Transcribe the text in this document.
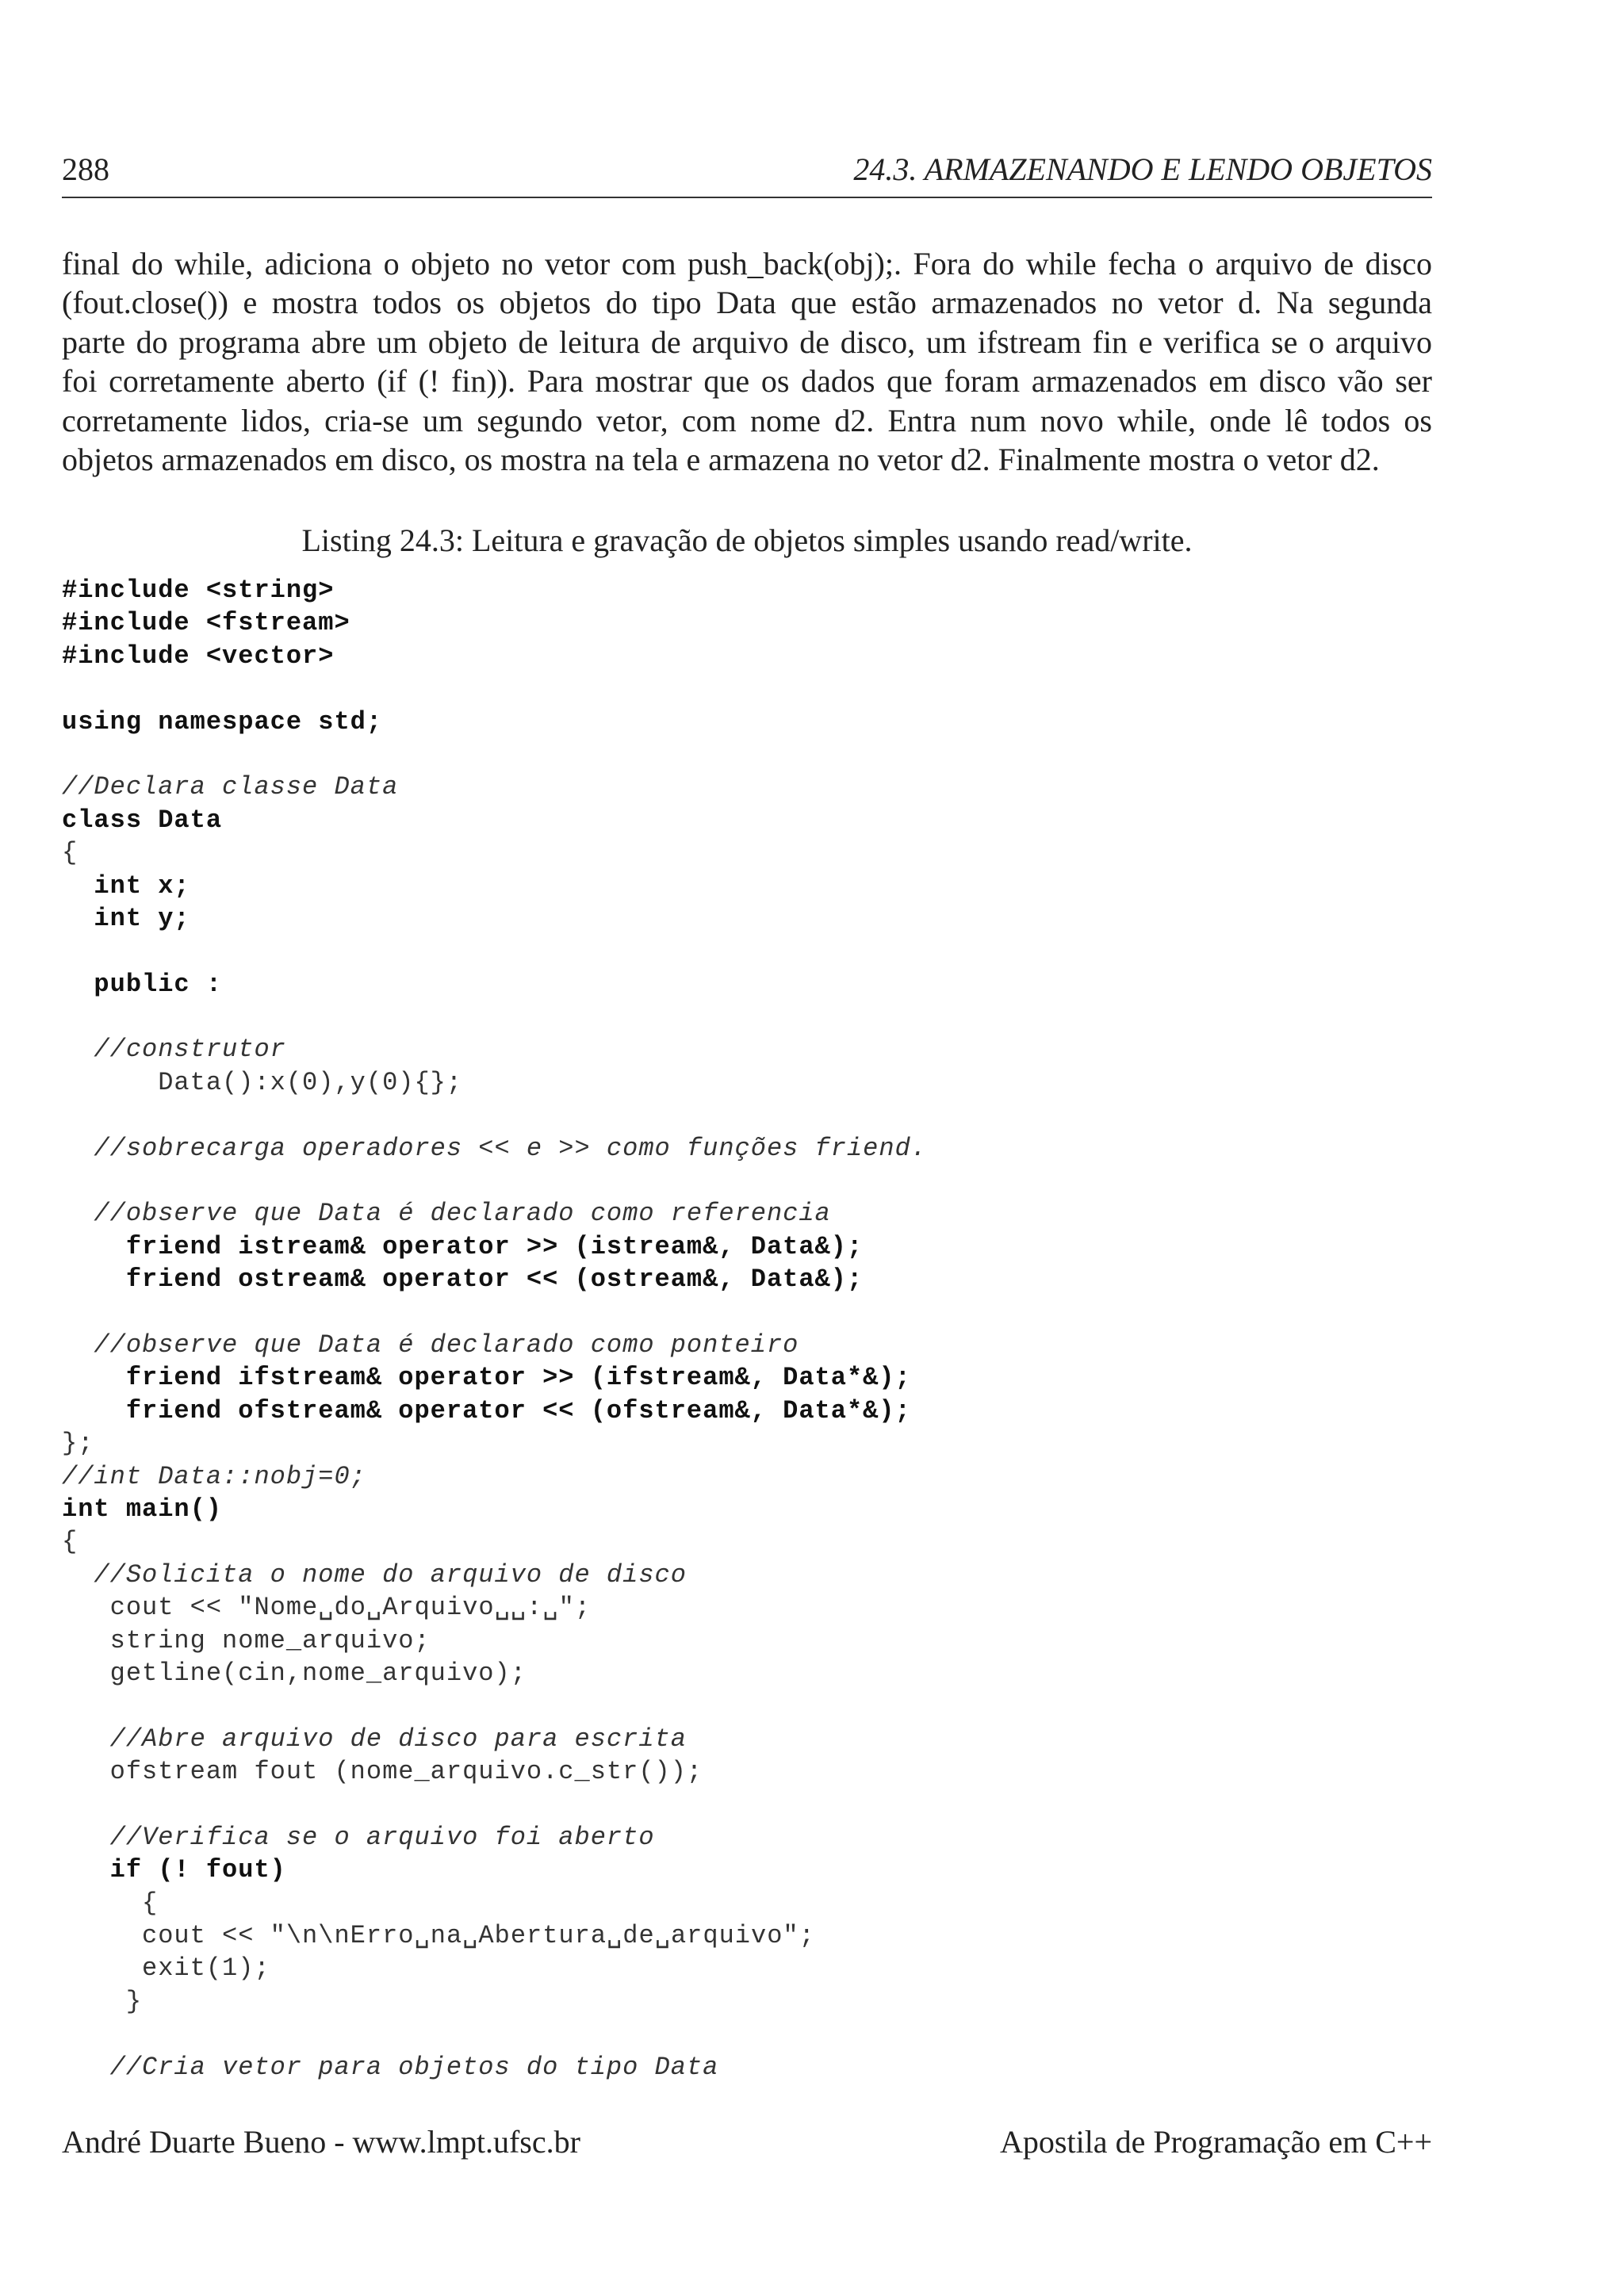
288	24.3. ARMAZENANDO E LENDO OBJETOS
final do while, adiciona o objeto no vetor com push_back(obj);. Fora do while fecha o arquivo de disco
(fout.close()) e mostra todos os objetos do tipo Data que estão armazenados no vetor d. Na segunda
parte do programa abre um objeto de leitura de arquivo de disco, um ifstream fin e verifica se o arquivo
foi corretamente aberto (if (! fin)). Para mostrar que os dados que foram armazenados em disco vão ser
corretamente lidos, cria-se um segundo vetor, com nome d2. Entra num novo while, onde lê todos os
objetos armazenados em disco, os mostra na tela e armazena no vetor d2. Finalmente mostra o vetor d2.
Listing 24.3: Leitura e gravação de objetos simples usando read/write.
#include <string>
#include <fstream>
#include <vector>
using namespace std;
//Declara classe Data
class Data
{
int x;
int y;
public :
//construtor
Data():x(0),y(0){};
//sobrecarga operadores << e >> como funções friend.
//observe que Data é declarado como referencia
friend istream& operator >> (istream&, Data&);
friend ostream& operator << (ostream&, Data&);
//observe que Data é declarado como ponteiro
friend ifstream& operator >> (ifstream&, Data*&);
friend ofstream& operator << (ofstream&, Data*&);
};
//int Data::nobj=0;
int main()
{
//Solicita o nome do arquivo de disco
cout << "Nome␣do␣Arquivo␣␣:␣";
string nome_arquivo;
getline(cin,nome_arquivo);
//Abre arquivo de disco para escrita
ofstream fout (nome_arquivo.c_str());
//Verifica se o arquivo foi aberto
if (! fout)
{
cout << "\n\nErro␣na␣Abertura␣de␣arquivo";
exit(1);
}
//Cria vetor para objetos do tipo Data
André Duarte Bueno - www.lmpt.ufsc.br	Apostila de Programação em C++
